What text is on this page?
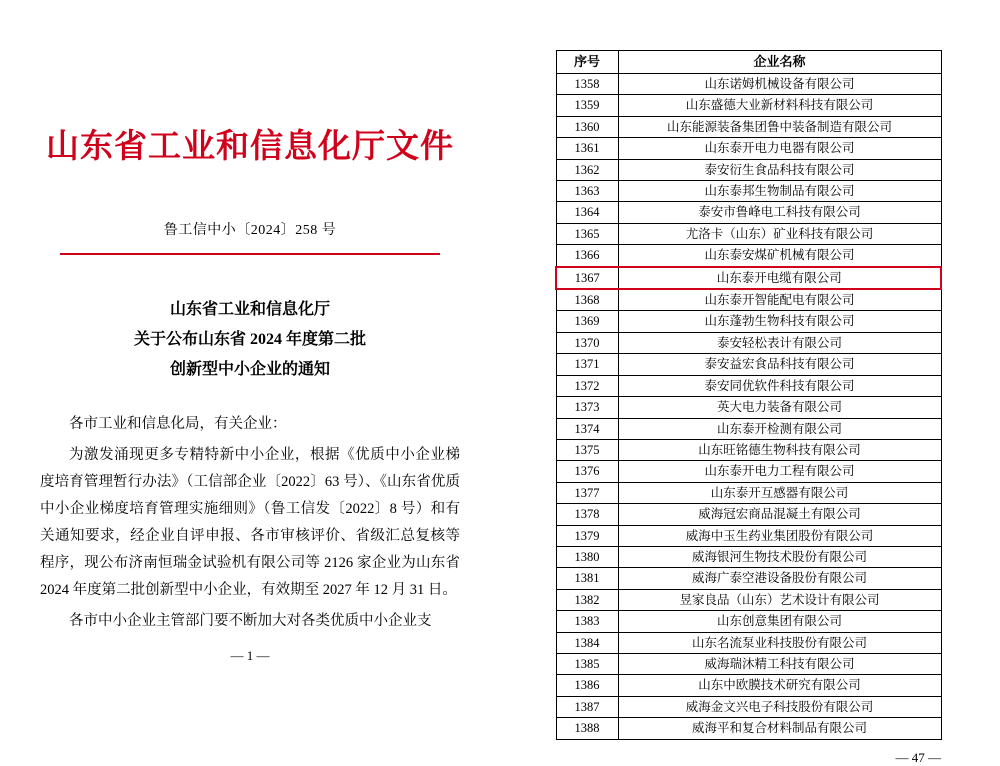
山东省工业和信息化厅文件
鲁工信中小〔2024〕258 号
山东省工业和信息化厅
关于公布山东省 2024 年度第二批
创新型中小企业的通知

各市工业和信息化局，有关企业：

为激发涌现更多专精特新中小企业，根据《优质中小企业梯度培育管理暂行办法》（工信部企业〔2022〕63 号）、《山东省优质中小企业梯度培育管理实施细则》（鲁工信发〔2022〕8 号）和有关通知要求，经企业自评申报、各市审核评价、省级汇总复核等程序，现公布济南恒瑞金试验机有限公司等 2126 家企业为山东省 2024 年度第二批创新型中小企业，有效期至 2027 年 12 月 31 日。

各市中小企业主管部门要不断加大对各类优质中小企业支

— 1 —
序号	企业名称
1358	山东诺姆机械设备有限公司
1359	山东盛德大业新材料科技有限公司
1360	山东能源装备集团鲁中装备制造有限公司
1361	山东泰开电力电器有限公司
1362	泰安衍生食品科技有限公司
1363	山东泰邦生物制品有限公司
1364	泰安市鲁峰电工科技有限公司
1365	尤洛卡（山东）矿业科技有限公司
1366	山东泰安煤矿机械有限公司
1367	山东泰开电缆有限公司
1368	山东泰开智能配电有限公司
1369	山东蓬勃生物科技有限公司
1370	泰安轻松表计有限公司
1371	泰安益宏食品科技有限公司
1372	泰安同优软件科技有限公司
1373	英大电力装备有限公司
1374	山东泰开检测有限公司
1375	山东旺铭德生物科技有限公司
1376	山东泰开电力工程有限公司
1377	山东泰开互感器有限公司
1378	威海冠宏商品混凝土有限公司
1379	威海中玉生药业集团股份有限公司
1380	威海银河生物技术股份有限公司
1381	威海广泰空港设备股份有限公司
1382	昱家良品（山东）艺术设计有限公司
1383	山东创意集团有限公司
1384	山东名流泵业科技股份有限公司
1385	威海瑞沐精工科技有限公司
1386	山东中欧膜技术研究有限公司
1387	威海金文兴电子科技股份有限公司
1388	威海平和复合材料制品有限公司
— 47 —
